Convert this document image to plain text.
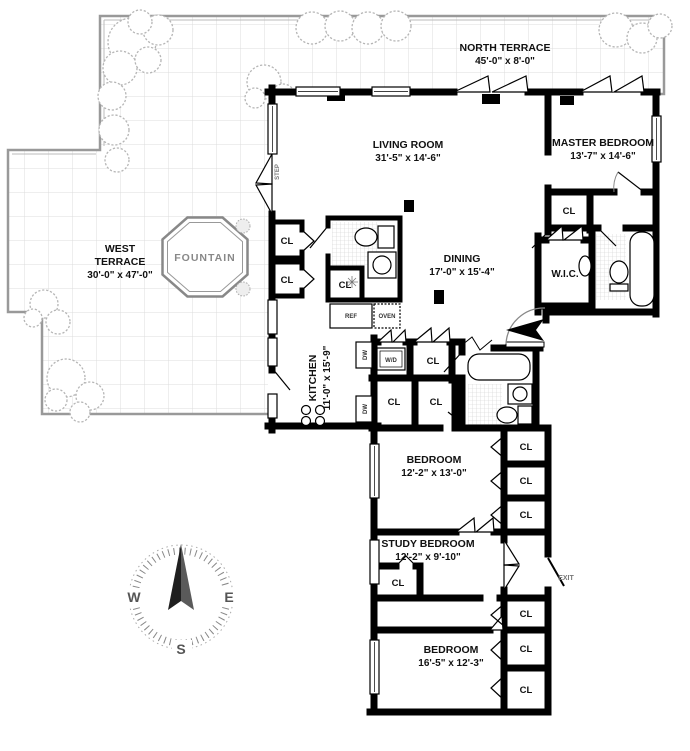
FOUNTAIN
W	E
S
NORTH TERRACE
45'-0" x 8'-0"
WEST
TERRACE
30'-0" x 47'-0"
LIVING ROOM
31'-5" x 14'-6"
MASTER BEDROOM
13'-7" x 14'-6"
DINING
17'-0" x 15'-4"
KITCHEN 11'-0" x 15'-9"
W.I.C.
BEDROOM
12'-2" x 13'-0"
STUDY BEDROOM
12'-2" x 9'-10"
BEDROOM
16'-5" x 12'-3"
CL
CL	CL
CL
CL
CL	CL
CL
CL
CL
CL
CL
CL
CL
REF	OVEN
W/D
DW
DW
STEP
EXIT
